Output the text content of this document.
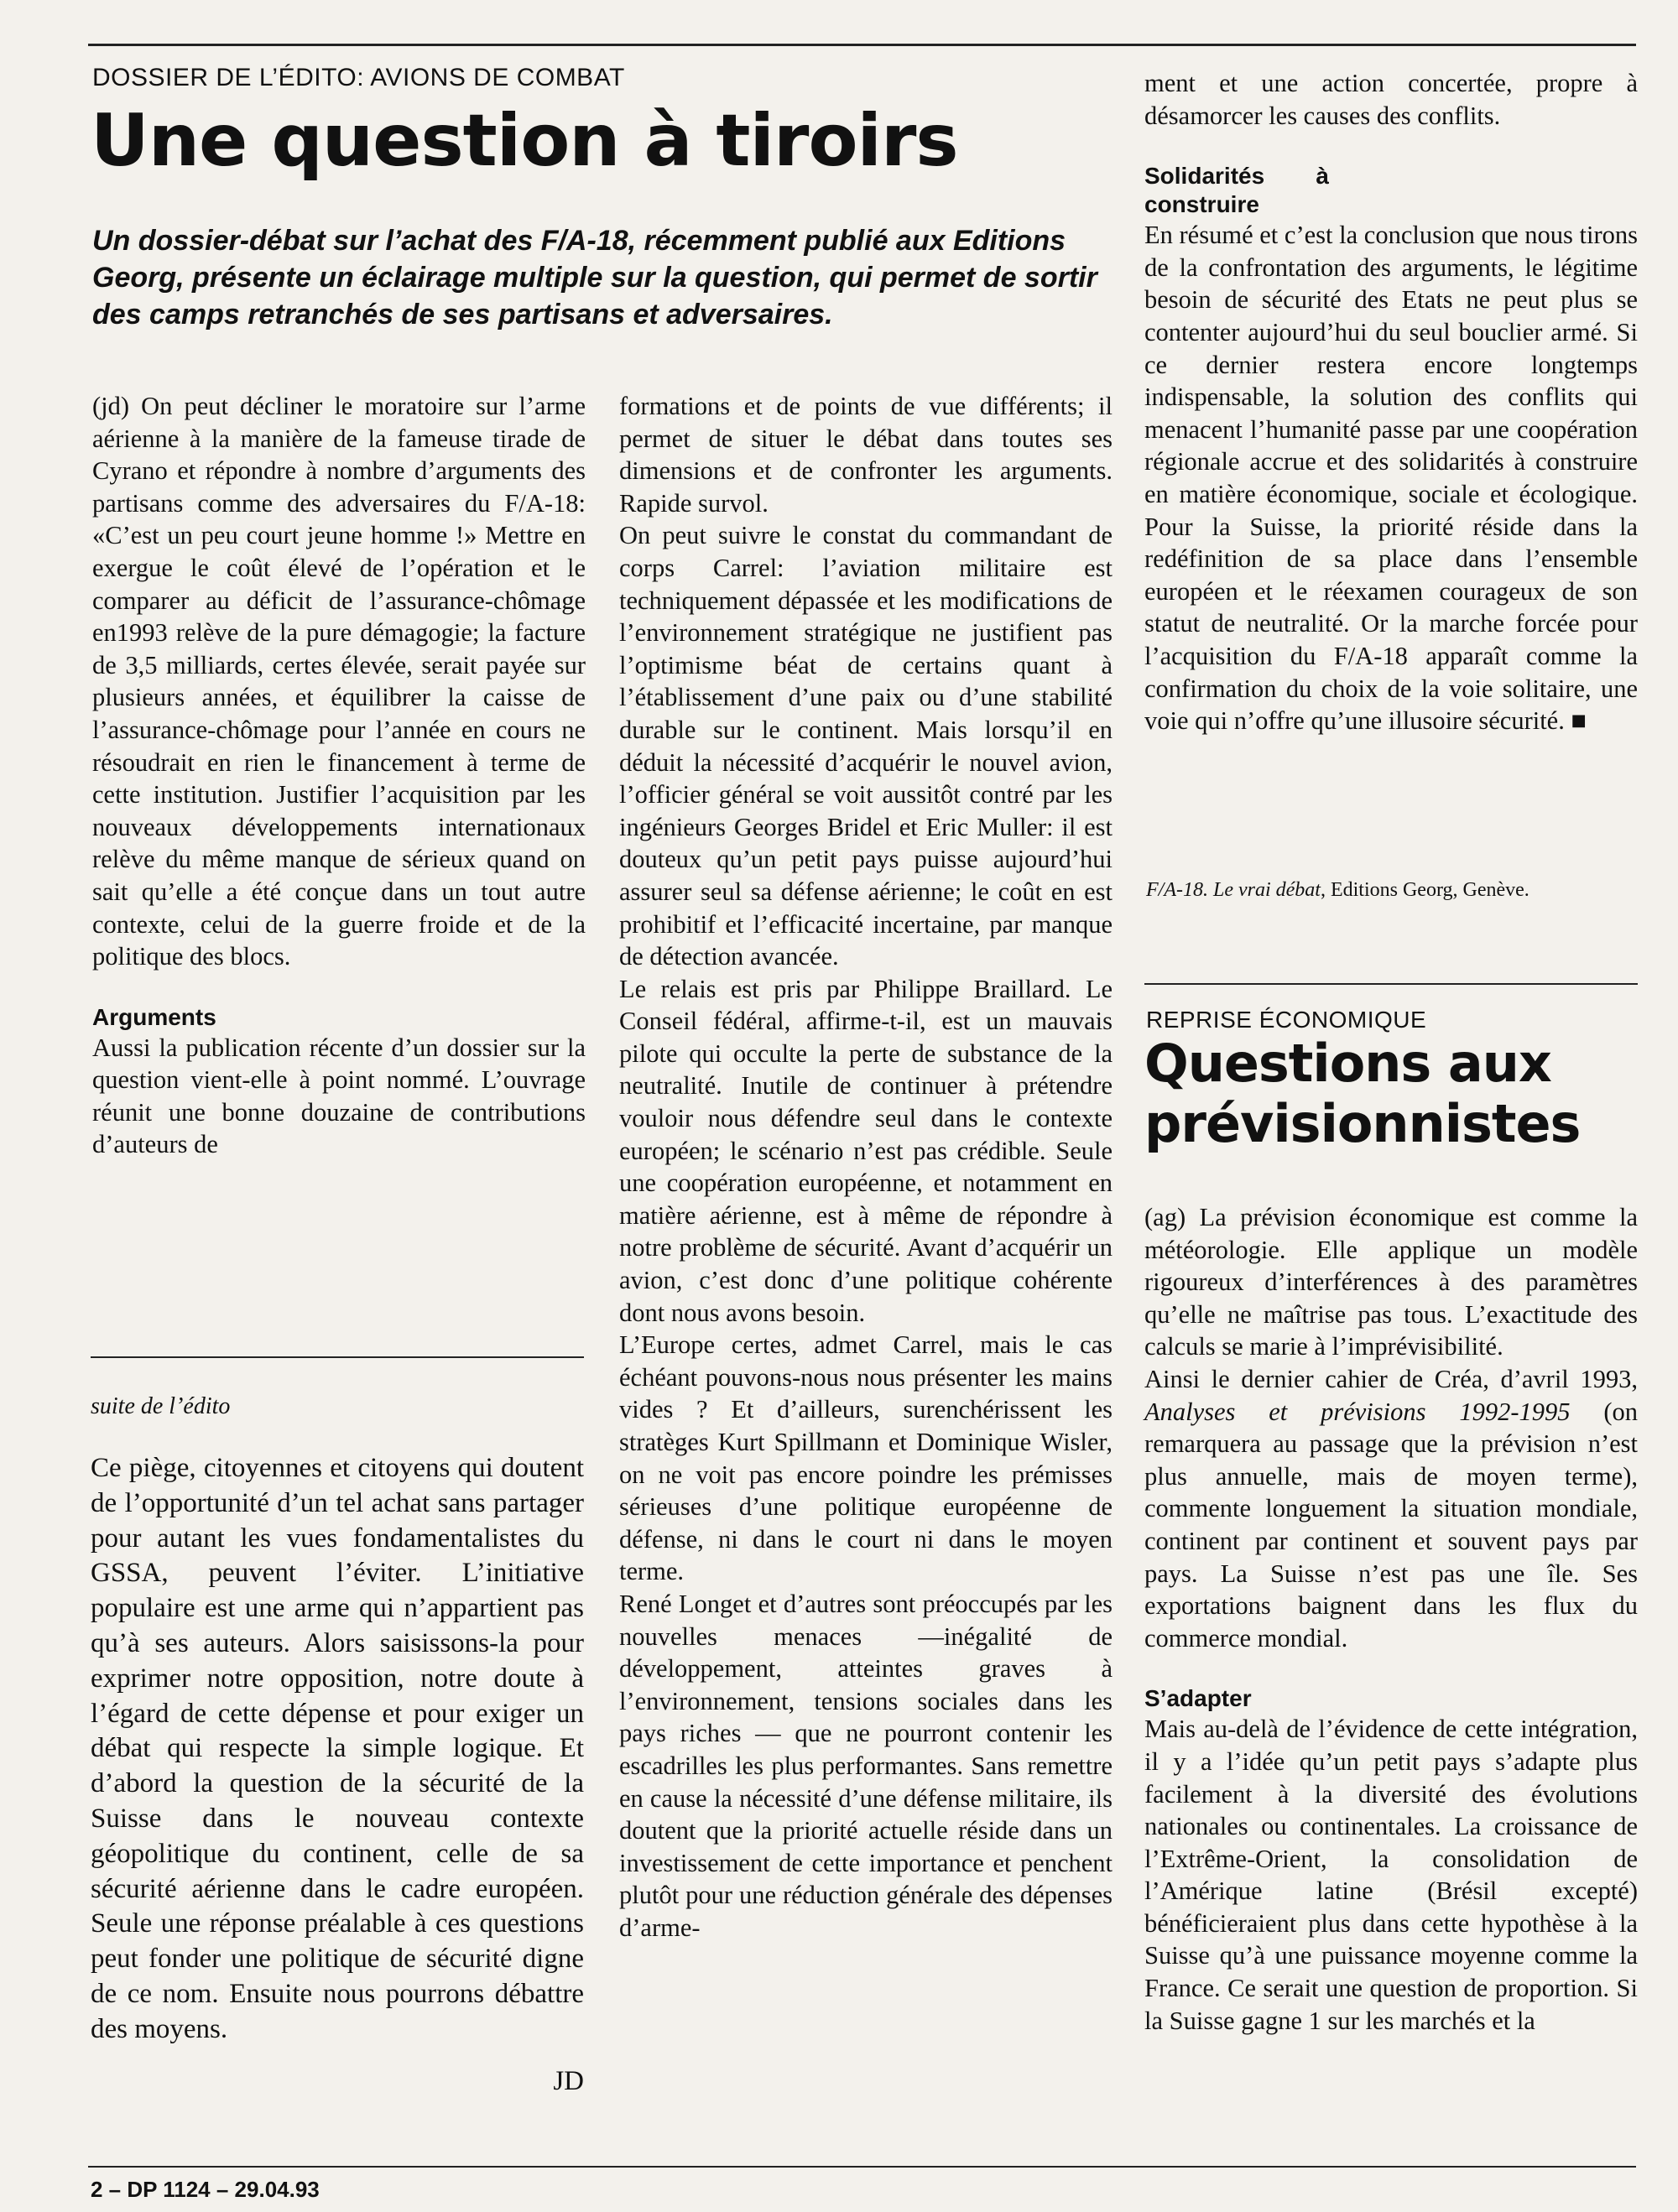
DOSSIER DE L’ÉDITO: AVIONS DE COMBAT
Une question à tiroirs

Un dossier-débat sur l’achat des F/A-18, récemment publié aux Editions Georg, présente un éclairage multiple sur la question, qui permet de sortir des camps retranchés de ses partisans et adversaires.

(jd) On peut décliner le moratoire sur l’arme aérienne à la manière de la fameuse tirade de Cyrano et répondre à nombre d’arguments des partisans comme des adversaires du F/A-18: «C’est un peu court jeune homme !» Mettre en exergue le coût élevé de l’opération et le comparer au déficit de l’assurance-chômage en1993 relève de la pure démagogie; la facture de 3,5 milliards, certes élevée, serait payée sur plusieurs années, et équilibrer la caisse de l’assurance-chômage pour l’année en cours ne résoudrait en rien le financement à terme de cette institution. Justifier l’acquisition par les nouveaux développements internationaux relève du même manque de sérieux quand on sait qu’elle a été conçue dans un tout autre contexte, celui de la guerre froide et de la politique des blocs.

Arguments

Aussi la publication récente d’un dossier sur la question vient-elle à point nommé. L’ouvrage réunit une bonne douzaine de contributions d’auteurs de

suite de l’édito

Ce piège, citoyennes et citoyens qui doutent de l’opportunité d’un tel achat sans partager pour autant les vues fondamentalistes du GSSA, peuvent l’éviter. L’initiative populaire est une arme qui n’appartient pas qu’à ses auteurs. Alors saisissons-la pour exprimer notre opposition, notre doute à l’égard de cette dépense et pour exiger un débat qui respecte la simple logique. Et d’abord la question de la sécurité de la Suisse dans le nouveau contexte géopolitique du continent, celle de sa sécurité aérienne dans le cadre européen. Seule une réponse préalable à ces questions peut fonder une politique de sécurité digne de ce nom. Ensuite nous pourrons débattre des moyens.

JD

formations et de points de vue différents; il permet de situer le débat dans toutes ses dimensions et de confronter les arguments. Rapide survol.

On peut suivre le constat du commandant de corps Carrel: l’aviation militaire est techniquement dépassée et les modifications de l’environnement stratégique ne justifient pas l’optimisme béat de certains quant à l’établissement d’une paix ou d’une stabilité durable sur le continent. Mais lorsqu’il en déduit la nécessité d’acquérir le nouvel avion, l’officier général se voit aussitôt contré par les ingénieurs Georges Bridel et Eric Muller: il est douteux qu’un petit pays puisse aujourd’hui assurer seul sa défense aérienne; le coût en est prohibitif et l’efficacité incertaine, par manque de détection avancée.

Le relais est pris par Philippe Braillard. Le Conseil fédéral, affirme-t-il, est un mauvais pilote qui occulte la perte de substance de la neutralité. Inutile de continuer à prétendre vouloir nous défendre seul dans le contexte européen; le scénario n’est pas crédible. Seule une coopération européenne, et notamment en matière aérienne, est à même de répondre à notre problème de sécurité. Avant d’acquérir un avion, c’est donc d’une politique cohérente dont nous avons besoin.

L’Europe certes, admet Carrel, mais le cas échéant pouvons-nous nous présenter les mains vides ? Et d’ailleurs, surenchérissent les stratèges Kurt Spillmann et Dominique Wisler, on ne voit pas encore poindre les prémisses sérieuses d’une politique européenne de défense, ni dans le court ni dans le moyen terme.

René Longet et d’autres sont préoccupés par les nouvelles menaces —inégalité de développement, atteintes graves à l’environnement, tensions sociales dans les pays riches — que ne pourront contenir les escadrilles les plus performantes. Sans remettre en cause la nécessité d’une défense militaire, ils doutent que la priorité actuelle réside dans un investissement de cette importance et penchent plutôt pour une réduction générale des dépenses d’arme-

ment et une action concertée, propre à désamorcer les causes des conflits.

Solidarités à construire

En résumé et c’est la conclusion que nous tirons de la confrontation des arguments, le légitime besoin de sécurité des Etats ne peut plus se contenter aujourd’hui du seul bouclier armé. Si ce dernier restera encore longtemps indispensable, la solution des conflits qui menacent l’humanité passe par une coopération régionale accrue et des solidarités à construire en matière économique, sociale et écologique. Pour la Suisse, la priorité réside dans la redéfinition de sa place dans l’ensemble européen et le réexamen courageux de son statut de neutralité. Or la marche forcée pour l’acquisition du F/A-18 apparaît comme la confirmation du choix de la voie solitaire, une voie qui n’offre qu’une illusoire sécurité. ■

F/A-18. Le vrai débat, Editions Georg, Genève.
REPRISE ÉCONOMIQUE
Questions aux
prévisionnistes

(ag) La prévision économique est comme la météorologie. Elle applique un modèle rigoureux d’interférences à des paramètres qu’elle ne maîtrise pas tous. L’exactitude des calculs se marie à l’imprévisibilité.

Ainsi le dernier cahier de Créa, d’avril 1993, Analyses et prévisions 1992-1995 (on remarquera au passage que la prévision n’est plus annuelle, mais de moyen terme), commente longuement la situation mondiale, continent par continent et souvent pays par pays. La Suisse n’est pas une île. Ses exportations baignent dans les flux du commerce mondial.

S’adapter

Mais au-delà de l’évidence de cette intégration, il y a l’idée qu’un petit pays s’adapte plus facilement à la diversité des évolutions nationales ou continentales. La croissance de l’Extrême-Orient, la consolidation de l’Amérique latine (Brésil excepté) bénéficieraient plus dans cette hypothèse à la Suisse qu’à une puissance moyenne comme la France. Ce serait une question de proportion. Si la Suisse gagne 1 sur les marchés et la

2 – DP 1124 – 29.04.93
